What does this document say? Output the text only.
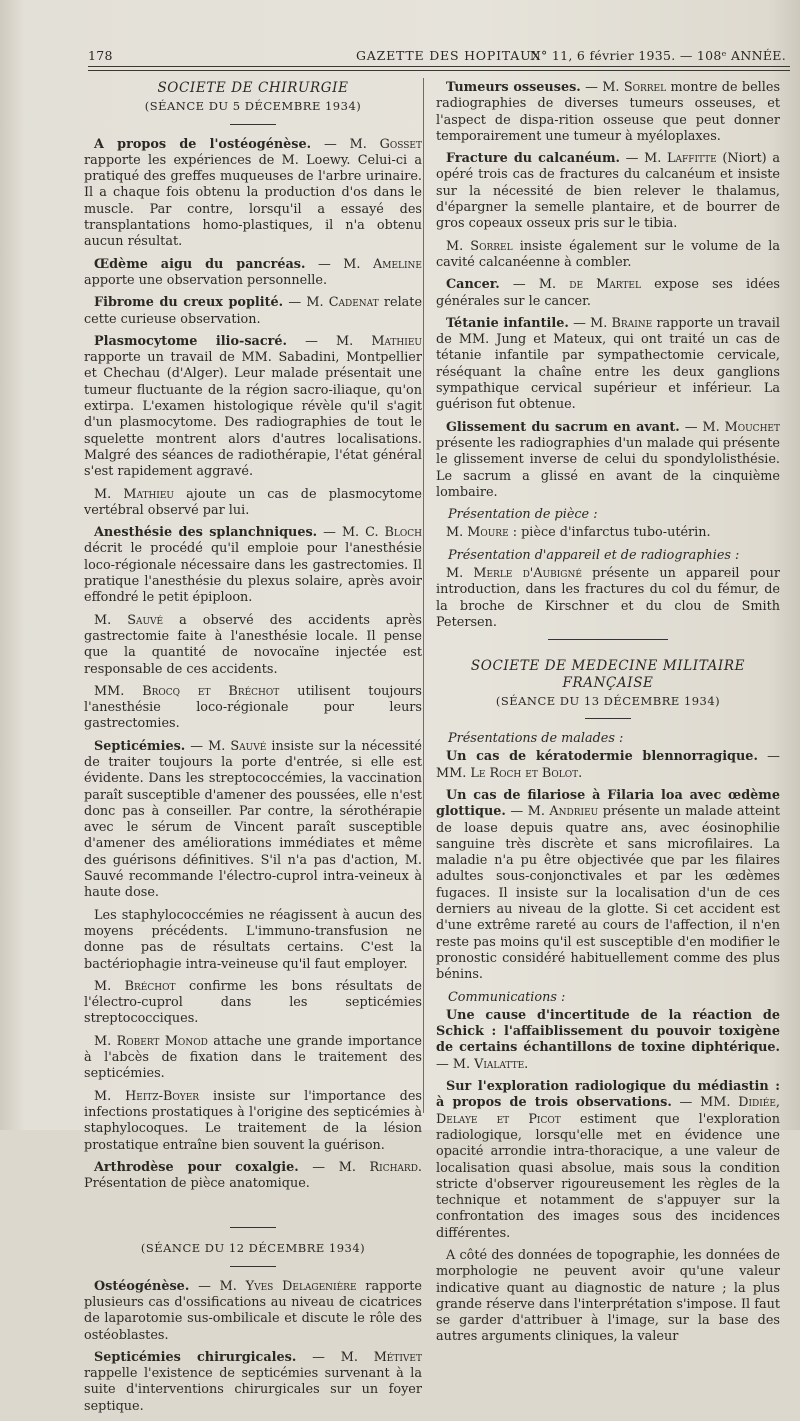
178	GAZETTE DES HOPITAUX
N° 11, 6 février 1935. — 108ᵉ ANNÉE.

SOCIETE DE CHIRURGIE

(SÉANCE DU 5 DÉCEMBRE 1934)

A propos de l'ostéogénèse. — M. Gosset rapporte les expériences de M. Loewy. Celui-ci a pratiqué des greffes muqueuses de l'arbre urinaire. Il a chaque fois obtenu la production d'os dans le muscle. Par contre, lorsqu'il a essayé des transplantations homo-plastiques, il n'a obtenu aucun résultat.

Œdème aigu du pancréas. — M. Ameline apporte une observation personnelle.

Fibrome du creux poplité. — M. Cadenat relate cette curieuse observation.

Plasmocytome ilio-sacré. — M. Mathieu rapporte un travail de MM. Sabadini, Montpellier et Chechau (d'Alger). Leur malade présentait une tumeur fluctuante de la région sacro-iliaque, qu'on extirpa. L'examen histologique révèle qu'il s'agit d'un plasmocytome. Des radiographies de tout le squelette montrent alors d'autres localisations. Malgré des séances de radiothérapie, l'état général s'est rapidement aggravé.

M. Mathieu ajoute un cas de plasmocytome vertébral observé par lui.

Anesthésie des splanchniques. — M. C. Bloch décrit le procédé qu'il emploie pour l'anesthésie loco-régionale nécessaire dans les gastrectomies. Il pratique l'anesthésie du plexus solaire, après avoir effondré le petit épiploon.

M. Sauvé a observé des accidents après gastrectomie faite à l'anesthésie locale. Il pense que la quantité de novocaïne injectée est responsable de ces accidents.

MM. Brocq et Bréchot utilisent toujours l'anesthésie loco-régionale pour leurs gastrectomies.

Septicémies. — M. Sauvé insiste sur la nécessité de traiter toujours la porte d'entrée, si elle est évidente. Dans les streptococcémies, la vaccination paraît susceptible d'amener des poussées, elle n'est donc pas à conseiller. Par contre, la sérothérapie avec le sérum de Vincent paraît susceptible d'amener des améliorations immédiates et même des guérisons définitives. S'il n'a pas d'action, M. Sauvé recommande l'électro-cuprol intra-veineux à haute dose.

Les staphylococcémies ne réagissent à aucun des moyens précédents. L'immuno-transfusion ne donne pas de résultats certains. C'est la bactériophagie intra-veineuse qu'il faut employer.

M. Bréchot confirme les bons résultats de l'électro-cuprol dans les septicémies streptococciques.

M. Robert Monod attache une grande importance à l'abcès de fixation dans le traitement des septicémies.

M. Heitz-Boyer insiste sur l'importance des infections prostatiques à l'origine des septicémies à staphylocoques. Le traitement de la lésion prostatique entraîne bien souvent la guérison.

Arthrodèse pour coxalgie. — M. Richard. Présentation de pièce anatomique.

(SÉANCE DU 12 DÉCEMBRE 1934)

Ostéogénèse. — M. Yves Delagenière rapporte plusieurs cas d'ossifications au niveau de cicatrices de laparotomie sus-ombilicale et discute le rôle des ostéoblastes.

Septicémies chirurgicales. — M. Métivet rappelle l'existence de septicémies survenant à la suite d'interventions chirurgicales sur un foyer septique.

Tumeurs osseuses. — M. Sorrel montre de belles radiographies de diverses tumeurs osseuses, et l'aspect de dispa-rition osseuse que peut donner temporairement une tumeur à myéloplaxes.

Fracture du calcanéum. — M. Laffitte (Niort) a opéré trois cas de fractures du calcanéum et insiste sur la nécessité de bien relever le thalamus, d'épargner la semelle plantaire, et de bourrer de gros copeaux osseux pris sur le tibia.

M. Sorrel insiste également sur le volume de la cavité calcanéenne à combler.

Cancer. — M. de Martel expose ses idées générales sur le cancer.

Tétanie infantile. — M. Braine rapporte un travail de MM. Jung et Mateux, qui ont traité un cas de tétanie infantile par sympathectomie cervicale, réséquant la chaîne entre les deux ganglions sympathique cervical supérieur et inférieur. La guérison fut obtenue.

Glissement du sacrum en avant. — M. Mouchet présente les radiographies d'un malade qui présente le glissement inverse de celui du spondylolisthésie. Le sacrum a glissé en avant de la cinquième lombaire.

Présentation de pièce :

M. Moure : pièce d'infarctus tubo-utérin.

Présentation d'appareil et de radiographies :

M. Merle d'Aubigné présente un appareil pour introduction, dans les fractures du col du fémur, de la broche de Kirschner et du clou de Smith Petersen.

SOCIETE DE MEDECINE MILITAIRE FRANÇAISE

(SÉANCE DU 13 DÉCEMBRE 1934)

Présentations de malades :

Un cas de kératodermie blennorragique. — MM. Le Roch et Bolot.

Un cas de filariose à Filaria loa avec œdème glottique. — M. Andrieu présente un malade atteint de loase depuis quatre ans, avec éosinophilie sanguine très discrète et sans microfilaires. La maladie n'a pu être objectivée que par les filaires adultes sous-conjonctivales et par les œdèmes fugaces. Il insiste sur la localisation d'un de ces derniers au niveau de la glotte. Si cet accident est d'une extrême rareté au cours de l'affection, il n'en reste pas moins qu'il est susceptible d'en modifier le pronostic considéré habituellement comme des plus bénins.

Communications :

Une cause d'incertitude de la réaction de Schick : l'affaiblissement du pouvoir toxigène de certains échantillons de toxine diphtérique. — M. Vialatte.

Sur l'exploration radiologique du médiastin : à propos de trois observations. — MM. Didiée, Delaye et Picot estiment que l'exploration radiologique, lorsqu'elle met en évidence une opacité arrondie intra-thoracique, a une valeur de localisation quasi absolue, mais sous la condition stricte d'observer rigoureusement les règles de la technique et notamment de s'appuyer sur la confrontation des images sous des incidences différentes.

A côté des données de topographie, les données de morphologie ne peuvent avoir qu'une valeur indicative quant au diagnostic de nature ; la plus grande réserve dans l'interprétation s'impose. Il faut se garder d'attribuer à l'image, sur la base des autres arguments cliniques, la valeur
